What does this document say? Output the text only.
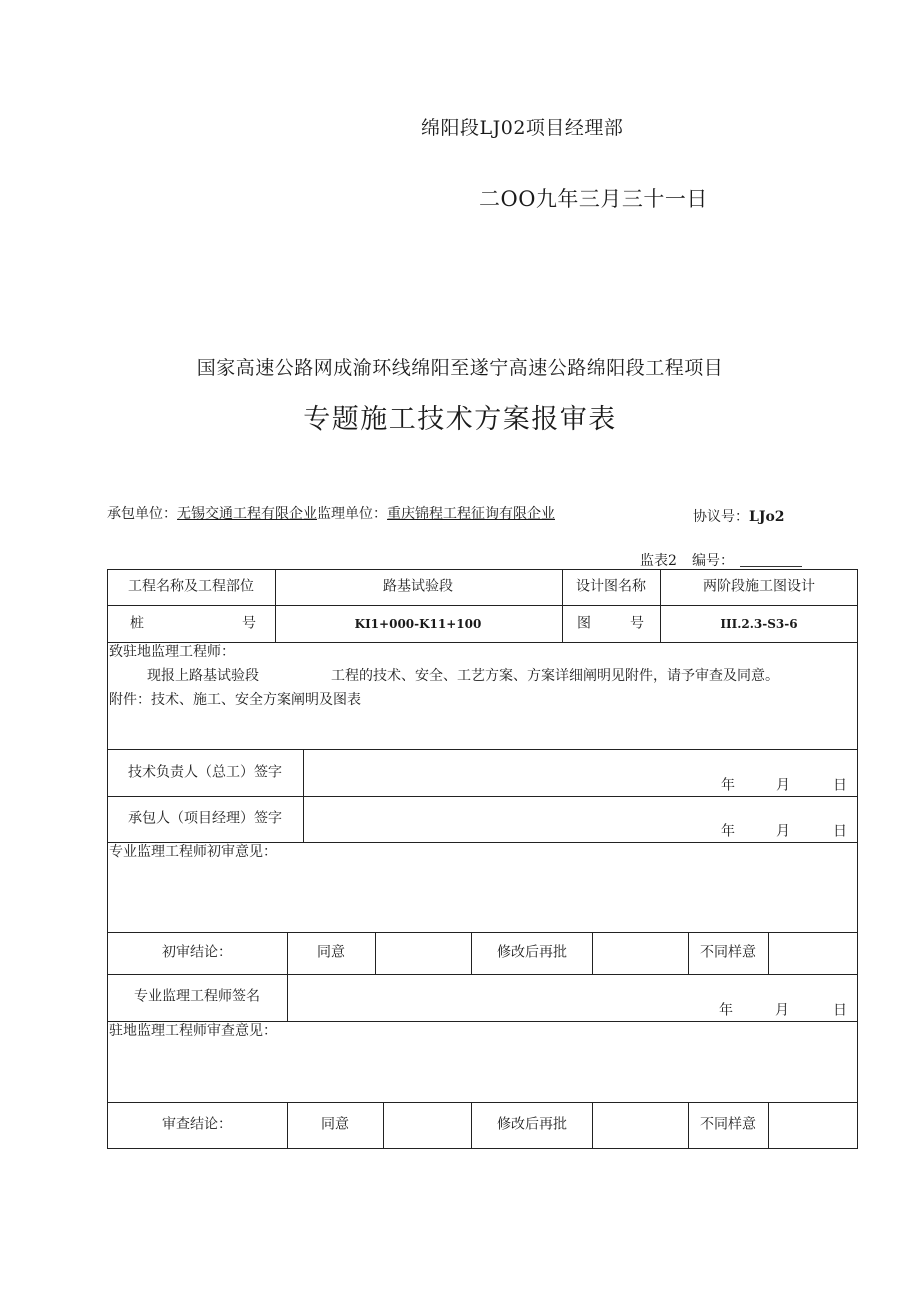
绵阳段LJ02项目经理部
二OO九年三月三十一日
国家高速公路网成渝环线绵阳至遂宁高速公路绵阳段工程项目
专题施工技术方案报审表
承包单位：无锡交通工程有限企业监理单位：重庆锦程工程征询有限企业	协议号：LJo2
监表2 编号：
工程名称及工程部位	路基试验段	设计图名称	两阶段施工图设计
桩	号	KI1+000-K11+100	图	号	III.2.3-S3-6
致驻地监理工程师：
现报上路基试验段	工程的技术、安全、工艺方案、方案详细阐明见附件，请予审查及同意。
附件：技术、施工、安全方案阐明及图表
技术负责人（总工）签字
年	月	日
承包人（项目经理）签字
年	月	日
专业监理工程师初审意见：
初审结论：	同意	修改后再批	不同样意
专业监理工程师签名
年	月	日
驻地监理工程师审查意见：
审查结论：	同意	修改后再批	不同样意
